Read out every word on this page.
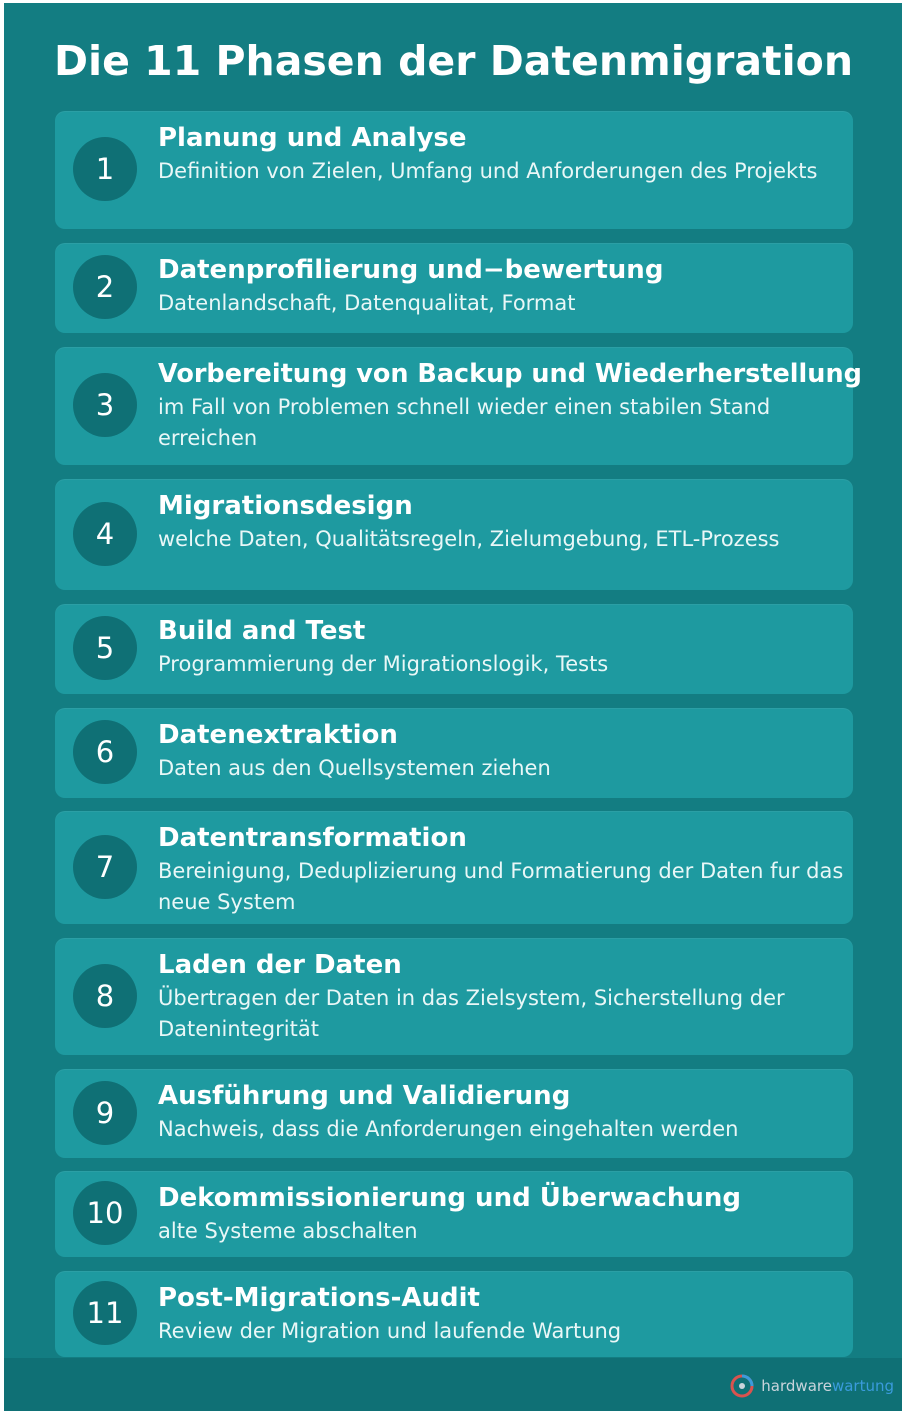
Die 11 Phasen der Datenmigration
1
Planung und Analyse

Definition von Zielen, Umfang und Anforderungen des Projekts

2	Datenprofilierung und−bewertung

Datenlandschaft, Datenqualitat, Format

3
Vorbereitung von Backup und Wiederherstellung

im Fall von Problemen schnell wieder einen stabilen Stand erreichen

4
Migrationsdesign

welche Daten, Qualitätsregeln, Zielumgebung, ETL-Prozess

5	Build and Test

Programmierung der Migrationslogik, Tests

6	Datenextraktion

Daten aus den Quellsystemen ziehen

7
Datentransformation

Bereinigung, Deduplizierung und Formatierung der Daten fur das neue System

8
Laden der Daten

Übertragen der Daten in das Zielsystem, Sicherstellung der Datenintegrität

9	Ausführung und Validierung

Nachweis, dass die Anforderungen eingehalten werden

10	Dekommissionierung und Überwachung

alte Systeme abschalten

11	Post-Migrations-Audit

Review der Migration und laufende Wartung

hardwarewartung
